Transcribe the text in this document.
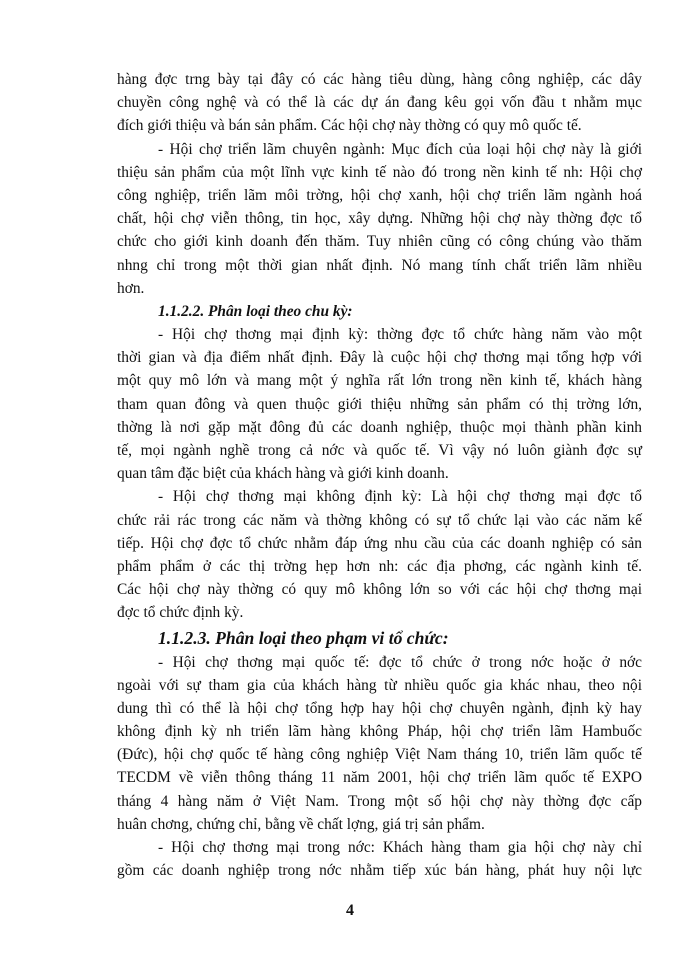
hàng đợc trng bày tại đây có các hàng tiêu dùng, hàng công nghiệp, các dây
chuyền công nghệ và có thể là các dự án đang kêu gọi vốn đầu t nhằm mục
đích giới thiệu và bán sản phẩm. Các hội chợ này thờng có quy mô quốc tế.
- Hội chợ triển lãm chuyên ngành: Mục đích của loại hội chợ này là giới
thiệu sản phẩm của một lĩnh vực kinh tế nào đó trong nền kinh tế nh: Hội chợ
công nghiệp, triển lãm môi trờng, hội chợ xanh, hội chợ triển lãm ngành hoá
chất, hội chợ viễn thông, tin học, xây dựng. Những hội chợ này thờng đợc tổ
chức cho giới kinh doanh đến thăm. Tuy nhiên cũng có công chúng vào thăm
nhng chỉ trong một thời gian nhất định. Nó mang tính chất triển lãm nhiều
hơn.
1.1.2.2. Phân loại theo chu kỳ:
- Hội chợ thơng mại định kỳ: thờng đợc tổ chức hàng năm vào một
thời gian và địa điểm nhất định. Đây là cuộc hội chợ thơng mại tổng hợp với
một quy mô lớn và mang một ý nghĩa rất lớn trong nền kinh tế, khách hàng
tham quan đông và quen thuộc giới thiệu những sản phẩm có thị trờng lớn,
thờng là nơi gặp mặt đông đủ các doanh nghiệp, thuộc mọi thành phần kinh
tế, mọi ngành nghề trong cả nớc và quốc tế. Vì vậy nó luôn giành đợc sự
quan tâm đặc biệt của khách hàng và giới kinh doanh.
- Hội chợ thơng mại không định kỳ: Là hội chợ thơng mại đợc tổ
chức rải rác trong các năm và thờng không có sự tổ chức lại vào các năm kế
tiếp. Hội chợ đợc tổ chức nhằm đáp ứng nhu cầu của các doanh nghiệp có sản
phẩm phẩm ở các thị trờng hẹp hơn nh: các địa phơng, các ngành kinh tế.
Các hội chợ này thờng có quy mô không lớn so với các hội chợ thơng mại
đợc tổ chức định kỳ.
1.1.2.3. Phân loại theo phạm vi tổ chức:
- Hội chợ thơng mại quốc tế: đợc tổ chức ở trong nớc hoặc ở nớc
ngoài với sự tham gia của khách hàng từ nhiều quốc gia khác nhau, theo nội
dung thì có thể là hội chợ tổng hợp hay hội chợ chuyên ngành, định kỳ hay
không định kỳ nh triển lãm hàng không Pháp, hội chợ triển lãm Hambuốc
(Đức), hội chợ quốc tế hàng công nghiệp Việt Nam tháng 10, triển lãm quốc tế
TECDM về viễn thông tháng 11 năm 2001, hội chợ triển lãm quốc tế EXPO
tháng 4 hàng năm ở Việt Nam. Trong một số hội chợ này thờng đợc cấp
huân chơng, chứng chỉ, bằng về chất lợng, giá trị sản phẩm.
- Hội chợ thơng mại trong nớc: Khách hàng tham gia hội chợ này chỉ
gồm các doanh nghiệp trong nớc nhằm tiếp xúc bán hàng, phát huy nội lực
4
